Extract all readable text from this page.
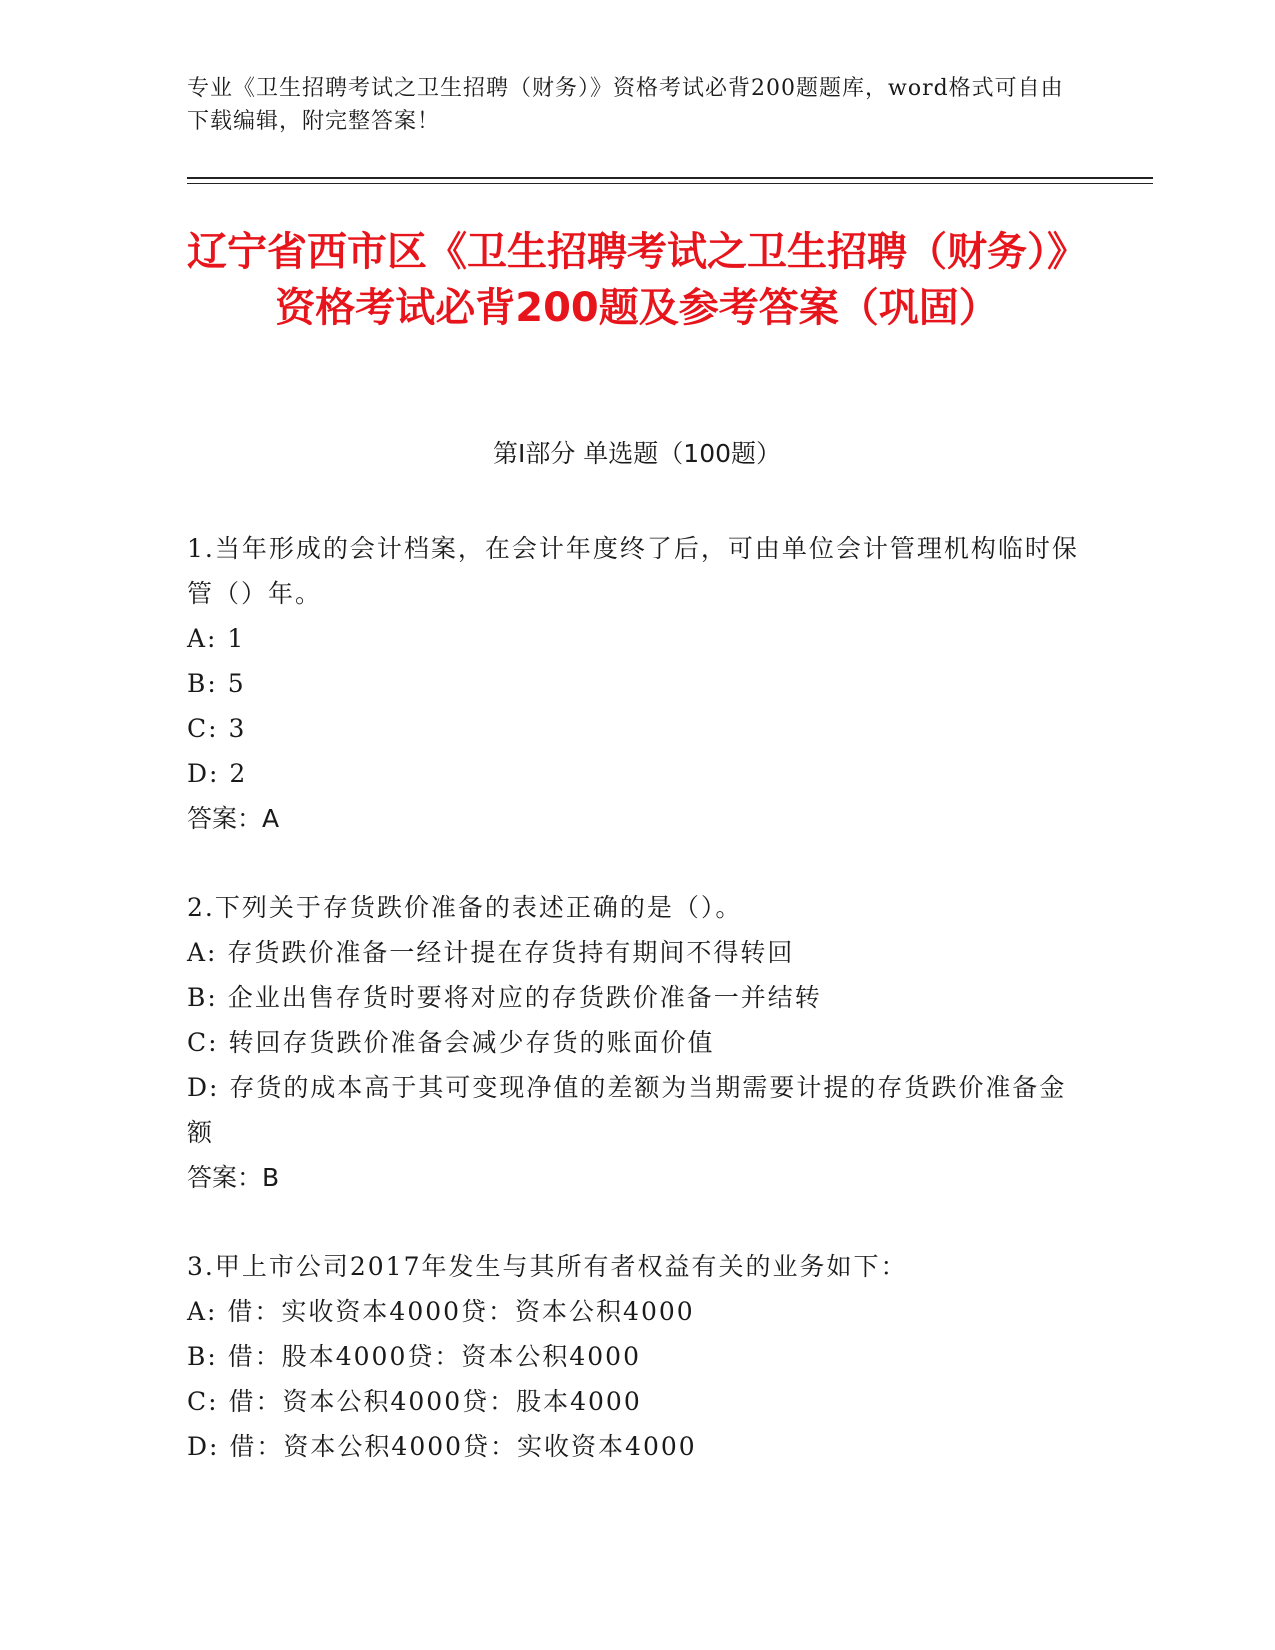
专业《卫生招聘考试之卫生招聘（财务）》资格考试必背200题题库，word格式可自由下载编辑，附完整答案！
辽宁省西市区《卫生招聘考试之卫生招聘（财务）》资格考试必背200题及参考答案（巩固）
第I部分 单选题（100题）

1.当年形成的会计档案，在会计年度终了后，可由单位会计管理机构临时保管（）年。

A: 1

B: 5

C: 3

D: 2

答案：A

2.下列关于存货跌价准备的表述正确的是（）。

A: 存货跌价准备一经计提在存货持有期间不得转回

B: 企业出售存货时要将对应的存货跌价准备一并结转

C: 转回存货跌价准备会减少存货的账面价值

D: 存货的成本高于其可变现净值的差额为当期需要计提的存货跌价准备金额

答案：B

3.甲上市公司2017年发生与其所有者权益有关的业务如下：

A: 借：实收资本4000贷：资本公积4000

B: 借：股本4000贷：资本公积4000

C: 借：资本公积4000贷：股本4000

D: 借：资本公积4000贷：实收资本4000
